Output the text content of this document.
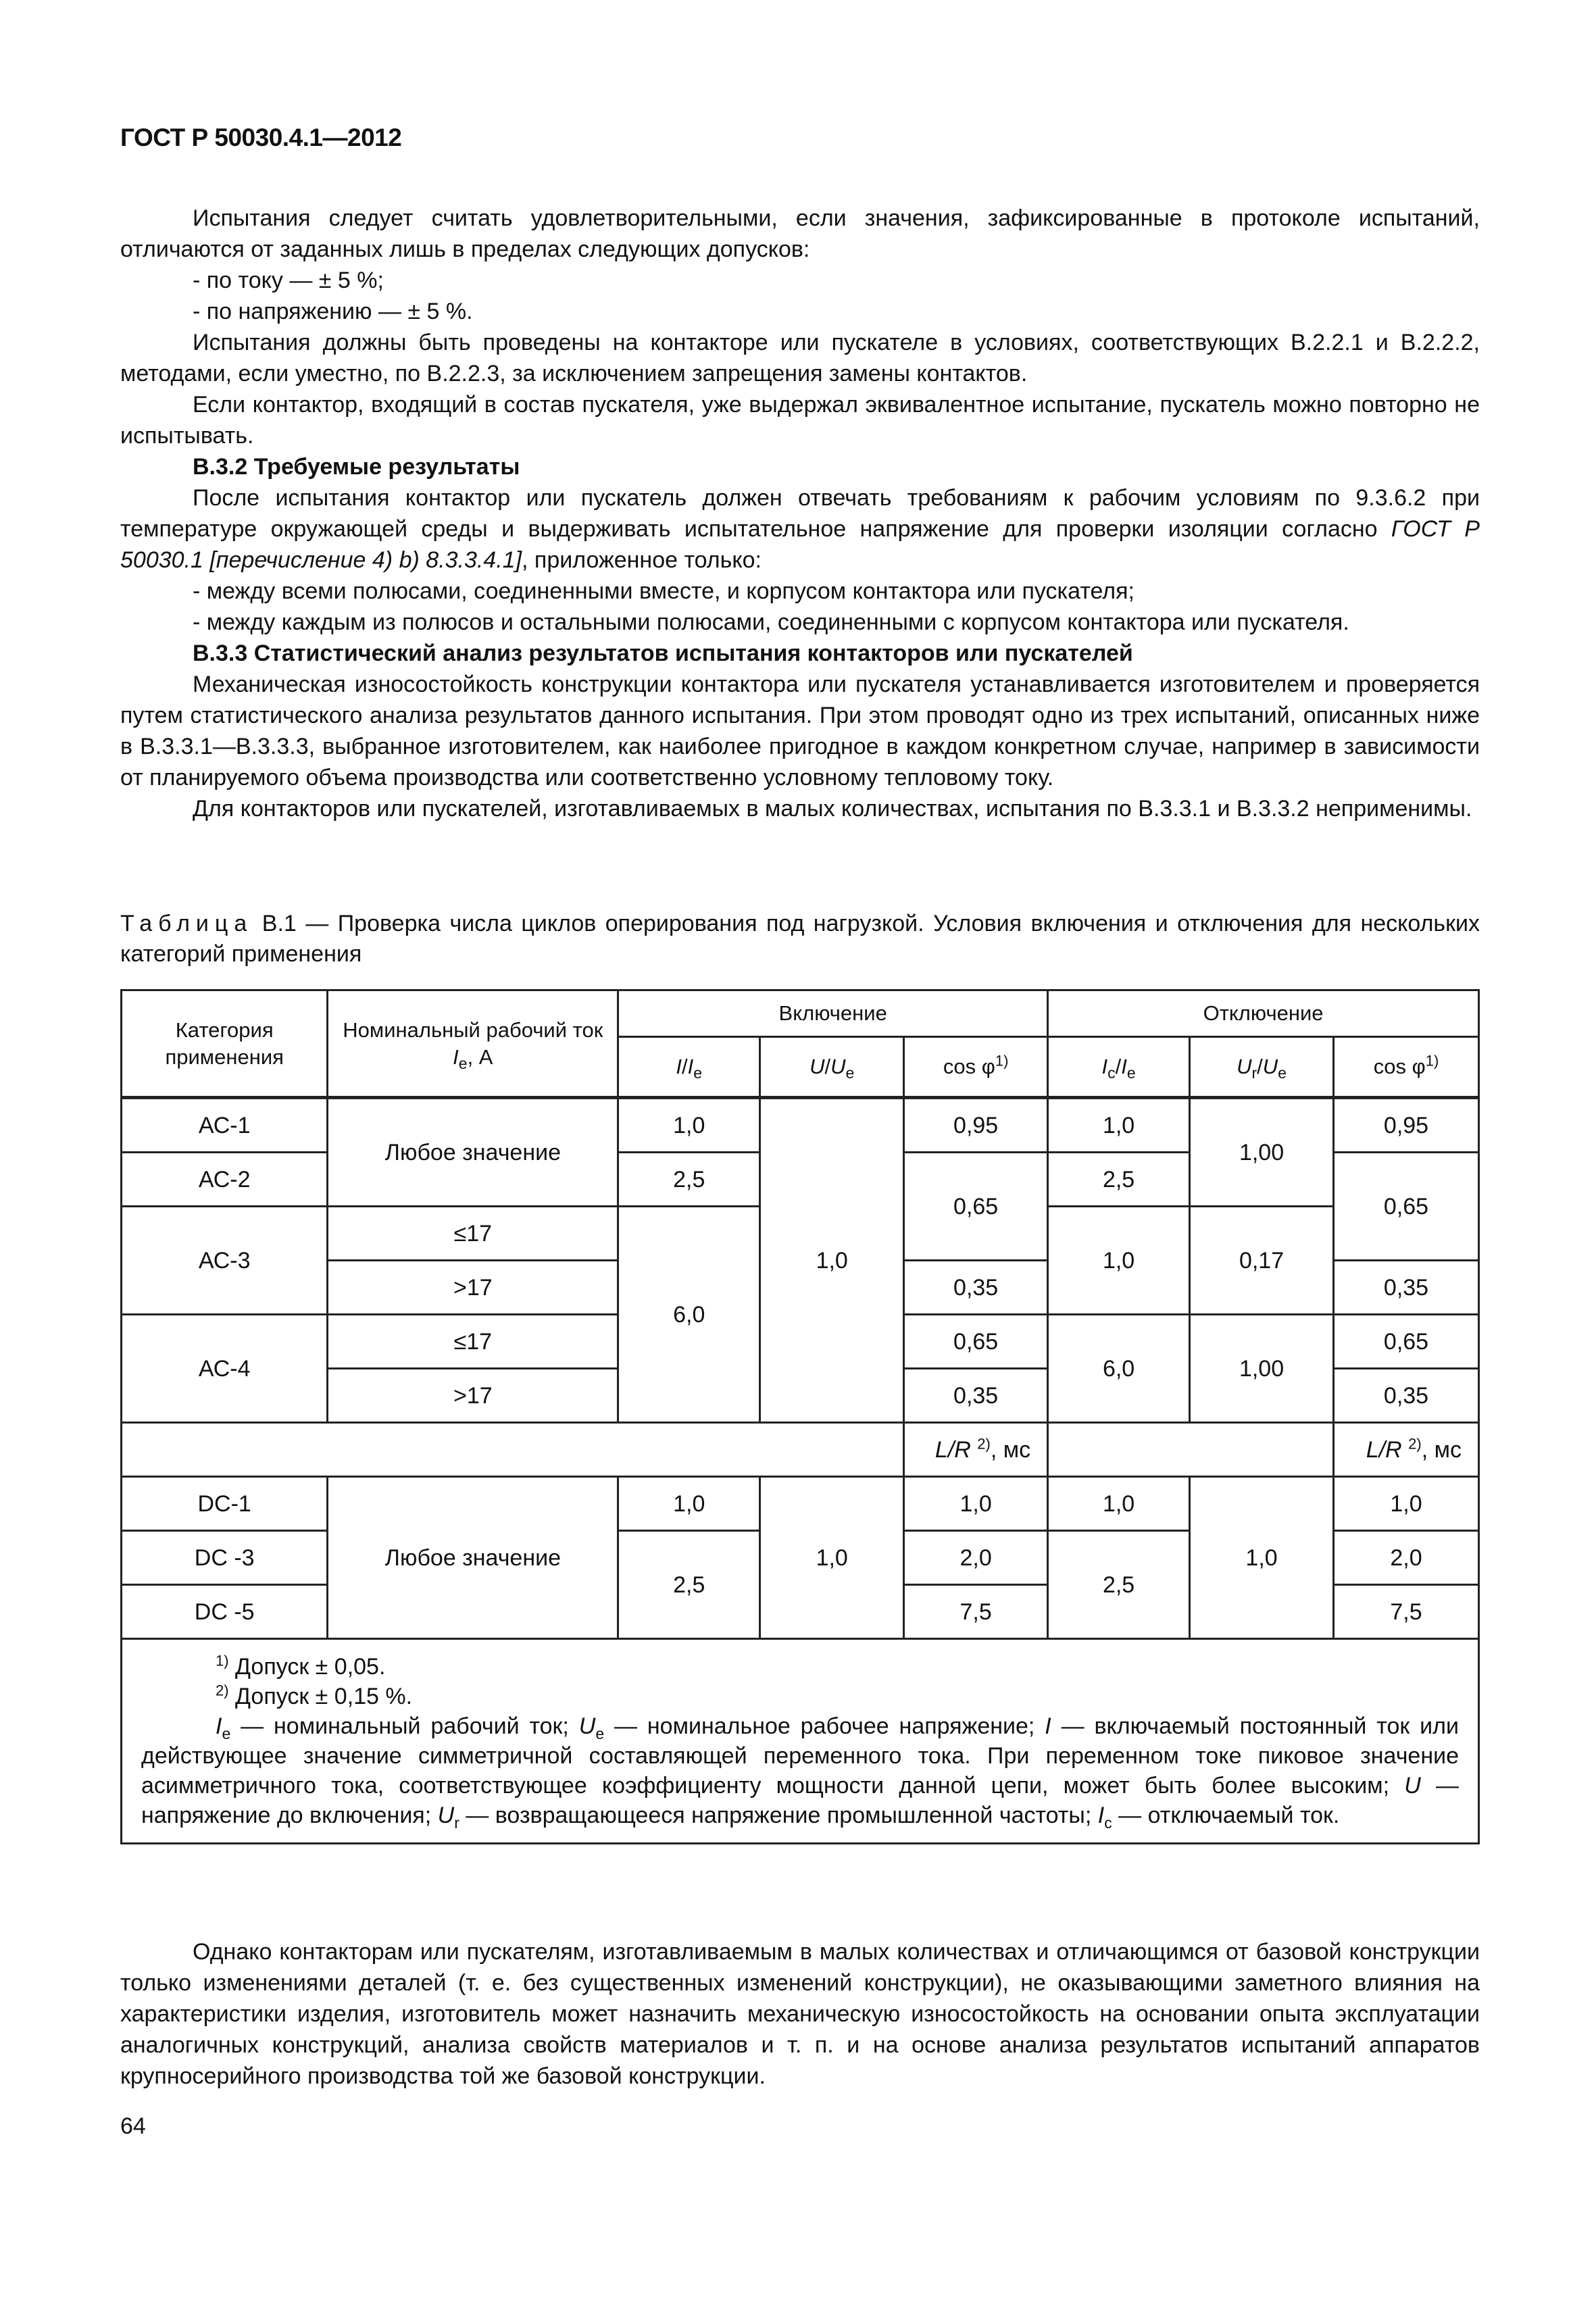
ГОСТ Р 50030.4.1—2012

Испытания следует считать удовлетворительными, если значения, зафиксированные в протоколе испытаний, отличаются от заданных лишь в пределах следующих допусков:

- по току — ± 5 %;

- по напряжению — ± 5 %.

Испытания должны быть проведены на контакторе или пускателе в условиях, соответствующих В.2.2.1 и В.2.2.2, методами, если уместно, по В.2.2.3, за исключением запрещения замены контактов.

Если контактор, входящий в состав пускателя, уже выдержал эквивалентное испытание, пускатель можно повторно не испытывать.

В.3.2 Требуемые результаты

После испытания контактор или пускатель должен отвечать требованиям к рабочим условиям по 9.3.6.2 при температуре окружающей среды и выдерживать испытательное напряжение для проверки изоляции согласно ГОСТ Р 50030.1 [перечисление 4) b) 8.3.3.4.1], приложенное только:

- между всеми полюсами, соединенными вместе, и корпусом контактора или пускателя;

- между каждым из полюсов и остальными полюсами, соединенными с корпусом контактора или пускателя.

В.3.3 Статистический анализ результатов испытания контакторов или пускателей

Механическая износостойкость конструкции контактора или пускателя устанавливается изготовителем и проверяется путем статистического анализа результатов данного испытания. При этом проводят одно из трех испытаний, описанных ниже в В.3.3.1—В.3.3.3, выбранное изготовителем, как наиболее пригодное в каждом конкретном случае, например в зависимости от планируемого объема производства или соответственно условному тепловому току.

Для контакторов или пускателей, изготавливаемых в малых количествах, испытания по В.3.3.1 и В.3.3.2 неприменимы.

Таблица В.1 — Проверка числа циклов оперирования под нагрузкой. Условия включения и отключения для нескольких категорий применения
Категория применения	Номинальный рабочий ток $I_e$, А	Включение			Отключение		
		$I/I_e$	$U/U_e$	$\cos \varphi^{1)}$	$I_c/I_e$	$U_r/U_e$	$\cos \varphi^{1)}$
АС-1	Любое значение	1,0	1,0	0,95	1,0	1,00	0,95
АС-2		2,5		0,65	2,5		0,65
АС-3	≤17	6,0			1,0	0,17	
	>17			0,35			0,35
АС-4	≤17			0,65	6,0	1,00	0,65
	>17			0,35			0,35
				L/R $^{2)}$, мс			L/R $^{2)}$, мс
DC-1	Любое значение	1,0	1,0	1,0	1,0	1,0	1,0
DC -3		2,5		2,0	2,5		2,0
DC -5				7,5			7,5

$^{1)}$ Допуск ± 0,05.
$^{2)}$ Допуск ± 0,15 %.
$I_e$ — номинальный рабочий ток; $U_e$ — номинальное рабочее напряжение; I — включаемый постоянный ток или действующее значение симметричной составляющей переменного тока. При переменном токе пиковое значение асимметричного тока, соответствующее коэффициенту мощности данной цепи, может быть более высоким; U — напряжение до включения; $U_r$ — возвращающееся напряжение промышленной частоты; $I_c$ — отключаемый ток.							

Однако контакторам или пускателям, изготавливаемым в малых количествах и отличающимся от базовой конструкции только изменениями деталей (т. е. без существенных изменений конструкции), не оказывающими заметного влияния на характеристики изделия, изготовитель может назначить механическую износостойкость на основании опыта эксплуатации аналогичных конструкций, анализа свойств материалов и т. п. и на основе анализа результатов испытаний аппаратов крупносерийного производства той же базовой конструкции.

64
